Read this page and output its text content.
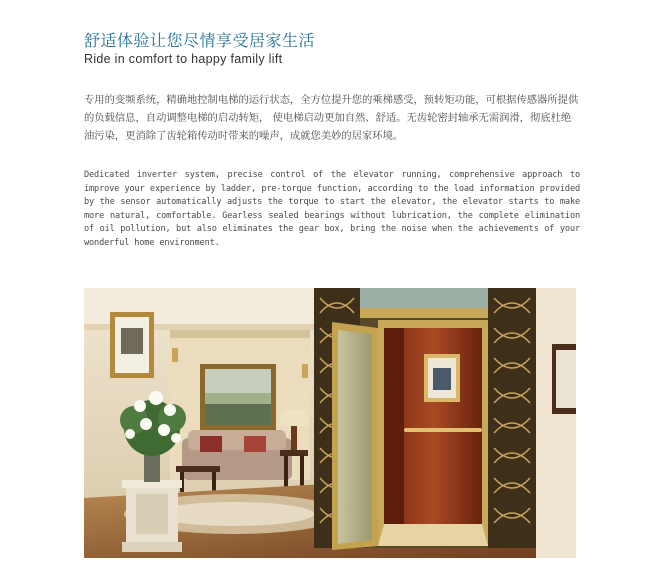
舒适体验让您尽情享受居家生活
Ride in comfort to happy family lift

专用的变频系统，精确地控制电梯的运行状态，全方位提升您的乘梯感受，预转矩功能，可根据传感器所提供的负载信息，自动调整电梯的启动转矩， 使电梯启动更加自然、舒适。无齿轮密封轴承无需润滑，彻底杜绝油污染，更消除了齿轮箱传动时带来的噪声，成就您美妙的居家环境。

Dedicated inverter system, precise control of the elevator running, comprehensive approach to improve your experience by ladder, pre-torque function, according to the load information provided by the sensor automatically adjusts the torque to start the elevator, the elevator starts to make more natural, comfortable. Gearless sealed bearings without lubrication, the complete elimination of oil pollution, but also eliminates the gear box, bring the noise when the achievements of your wonderful home environment.
